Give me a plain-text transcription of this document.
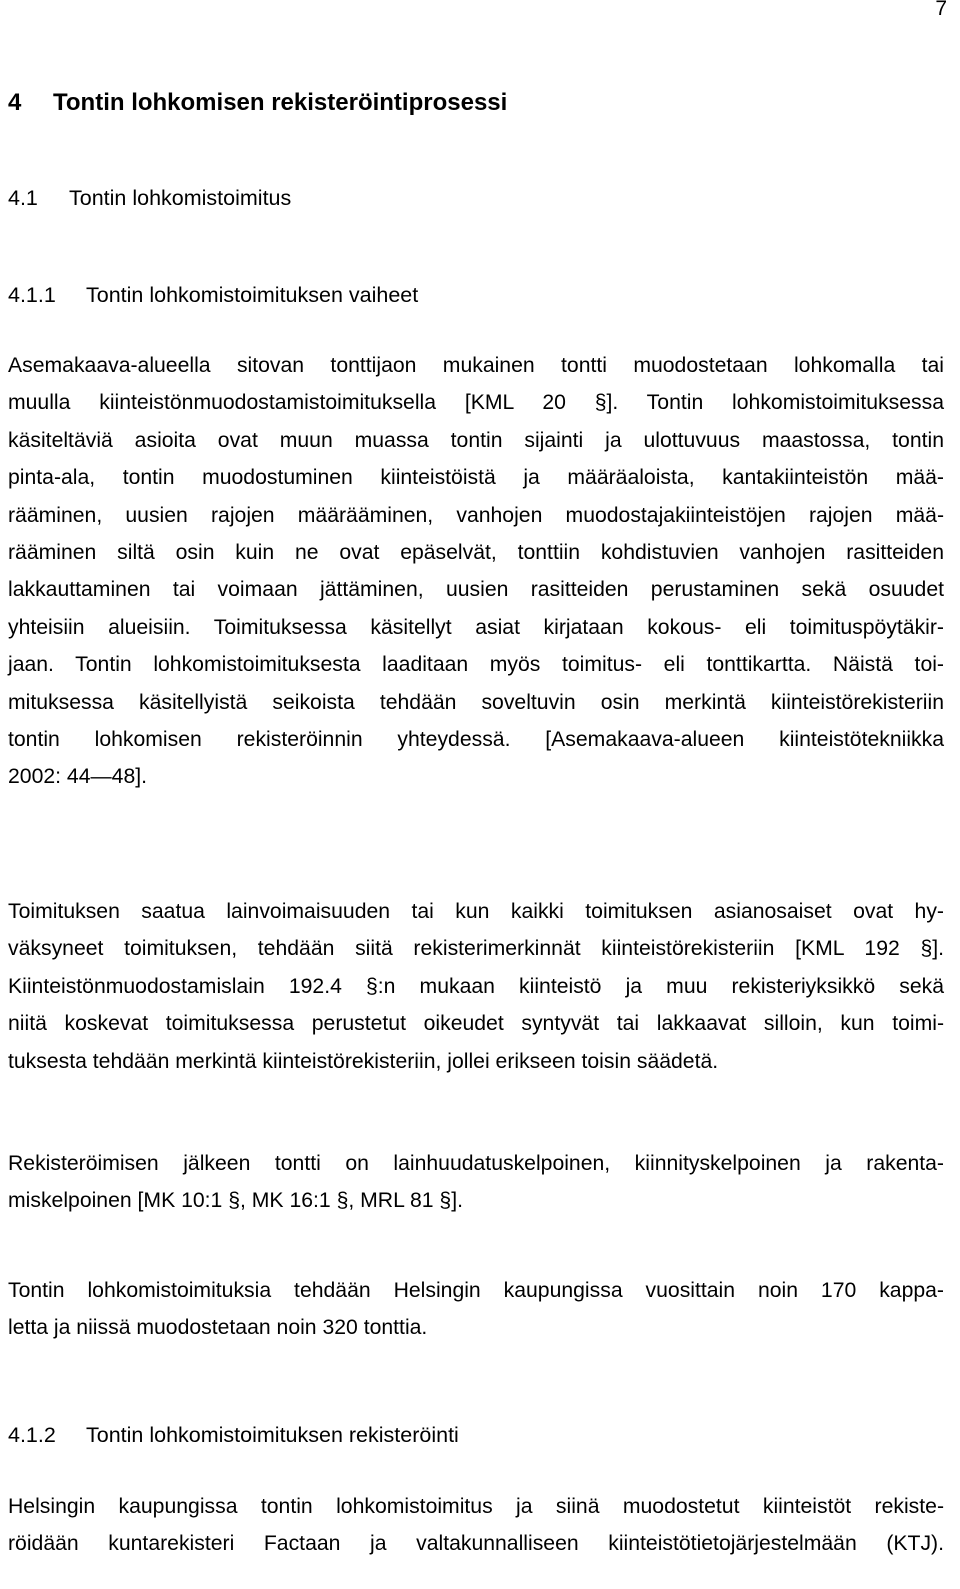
7
4 Tontin lohkomisen rekisteröintiprosessi
4.1 Tontin lohkomistoimitus
4.1.1 Tontin lohkomistoimituksen vaiheet
Asemakaava-alueella sitovan tonttijaon mukainen tontti muodostetaan lohkomalla tai
muulla kiinteistönmuodostamistoimituksella [KML 20 §]. Tontin lohkomistoimituksessa
käsiteltäviä asioita ovat muun muassa tontin sijainti ja ulottuvuus maastossa, tontin
pinta-ala, tontin muodostuminen kiinteistöistä ja määräaloista, kantakiinteistön mää-
rääminen, uusien rajojen määrääminen, vanhojen muodostajakiinteistöjen rajojen mää-
rääminen siltä osin kuin ne ovat epäselvät, tonttiin kohdistuvien vanhojen rasitteiden
lakkauttaminen tai voimaan jättäminen, uusien rasitteiden perustaminen sekä osuudet
yhteisiin alueisiin. Toimituksessa käsitellyt asiat kirjataan kokous- eli toimituspöytäkir-
jaan. Tontin lohkomistoimituksesta laaditaan myös toimitus- eli tonttikartta. Näistä toi-
mituksessa käsitellyistä seikoista tehdään soveltuvin osin merkintä kiinteistörekisteriin
tontin lohkomisen rekisteröinnin yhteydessä. [Asemakaava-alueen kiinteistötekniikka
2002: 44—48].
Toimituksen saatua lainvoimaisuuden tai kun kaikki toimituksen asianosaiset ovat hy-
väksyneet toimituksen, tehdään siitä rekisterimerkinnät kiinteistörekisteriin [KML 192 §].
Kiinteistönmuodostamislain 192.4 §:n mukaan kiinteistö ja muu rekisteriyksikkö sekä
niitä koskevat toimituksessa perustetut oikeudet syntyvät tai lakkaavat silloin, kun toimi-
tuksesta tehdään merkintä kiinteistörekisteriin, jollei erikseen toisin säädetä.
Rekisteröimisen jälkeen tontti on lainhuudatuskelpoinen, kiinnityskelpoinen ja rakenta-
miskelpoinen [MK 10:1 §, MK 16:1 §, MRL 81 §].
Tontin lohkomistoimituksia tehdään Helsingin kaupungissa vuosittain noin 170 kappa-
letta ja niissä muodostetaan noin 320 tonttia.
4.1.2 Tontin lohkomistoimituksen rekisteröinti
Helsingin kaupungissa tontin lohkomistoimitus ja siinä muodostetut kiinteistöt rekiste-
röidään kuntarekisteri Factaan ja valtakunnalliseen kiinteistötietojärjestelmään (KTJ).
